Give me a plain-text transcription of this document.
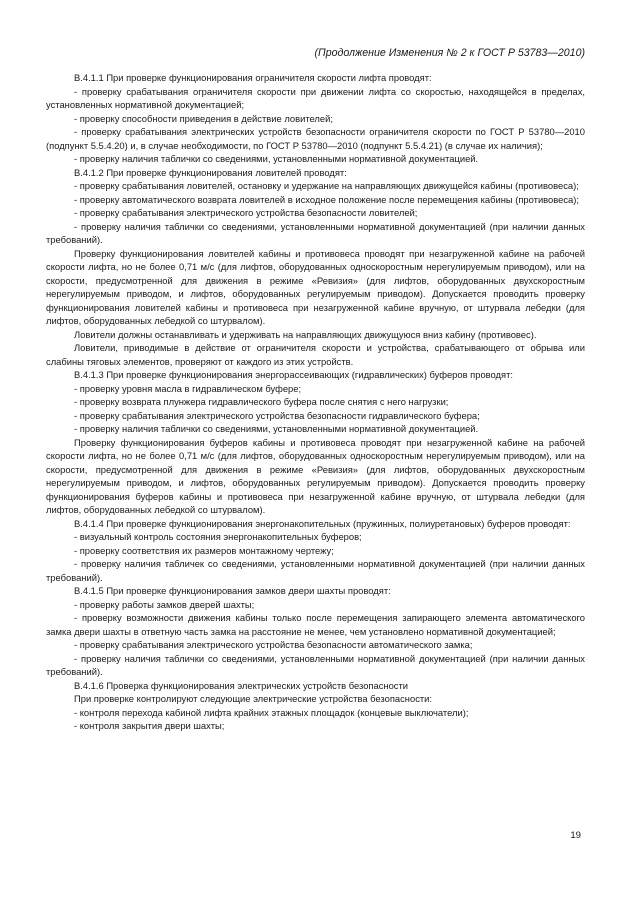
(Продолжение Изменения № 2 к ГОСТ Р 53783—2010)

В.4.1.1 При проверке функционирования ограничителя скорости лифта проводят:

- проверку срабатывания ограничителя скорости при движении лифта со скоростью, находящейся в пределах, установленных нормативной документацией;

- проверку способности приведения в действие ловителей;

- проверку срабатывания электрических устройств безопасности ограничителя скорости по ГОСТ Р 53780—2010 (подпункт 5.5.4.20) и, в случае необходимости, по ГОСТ Р 53780—2010 (подпункт 5.5.4.21) (в случае их наличия);

- проверку наличия таблички со сведениями, установленными нормативной документацией.

В.4.1.2 При проверке функционирования ловителей проводят:

- проверку срабатывания ловителей, остановку и удержание на направляющих движущейся кабины (противовеса);

- проверку автоматического возврата ловителей в исходное положение после перемещения кабины (противовеса);

- проверку срабатывания электрического устройства безопасности ловителей;

- проверку наличия таблички со сведениями, установленными нормативной документацией (при наличии данных требований).

Проверку функционирования ловителей кабины и противовеса проводят при незагруженной кабине на рабочей скорости лифта, но не более 0,71 м/с (для лифтов, оборудованных односкоростным нерегулируемым приводом), или на скорости, предусмотренной для движения в режиме «Ревизия» (для лифтов, оборудованных двухскоростным нерегулируемым приводом, и лифтов, оборудованных регулируемым приводом). Допускается проводить проверку функционирования ловителей кабины и противовеса при незагруженной кабине вручную, от штурвала лебедки (для лифтов, оборудованных лебедкой со штурвалом).

Ловители должны останавливать и удерживать на направляющих движущуюся вниз кабину (противовес).

Ловители, приводимые в действие от ограничителя скорости и устройства, срабатывающего от обрыва или слабины тяговых элементов, проверяют от каждого из этих устройств.

В.4.1.3 При проверке функционирования энергорассеивающих (гидравлических) буферов проводят:

- проверку уровня масла в гидравлическом буфере;

- проверку возврата плунжера гидравлического буфера после снятия с него нагрузки;

- проверку срабатывания электрического устройства безопасности гидравлического буфера;

- проверку наличия таблички со сведениями, установленными нормативной документацией.

Проверку функционирования буферов кабины и противовеса проводят при незагруженной кабине на рабочей скорости лифта, но не более 0,71 м/с (для лифтов, оборудованных односкоростным нерегулируемым приводом), или на скорости, предусмотренной для движения в режиме «Ревизия» (для лифтов, оборудованных двухскоростным нерегулируемым приводом, и лифтов, оборудованных регулируемым приводом). Допускается проводить проверку функционирования буферов кабины и противовеса при незагруженной кабине вручную, от штурвала лебедки (для лифтов, оборудованных лебедкой со штурвалом).

В.4.1.4 При проверке функционирования энергонакопительных (пружинных, полиуретановых) буферов проводят:

- визуальный контроль состояния энергонакопительных буферов;

- проверку соответствия их размеров монтажному чертежу;

- проверку наличия табличек со сведениями, установленными нормативной документацией (при наличии данных требований).

В.4.1.5 При проверке функционирования замков двери шахты проводят:

- проверку работы замков дверей шахты;

- проверку возможности движения кабины только после перемещения запирающего элемента автоматического замка двери шахты в ответную часть замка на расстояние не менее, чем установлено нормативной документацией;

- проверку срабатывания электрического устройства безопасности автоматического замка;

- проверку наличия таблички со сведениями, установленными нормативной документацией (при наличии данных требований).

В.4.1.6 Проверка функционирования электрических устройств безопасности

При проверке контролируют следующие электрические устройства безопасности:

- контроля перехода кабиной лифта крайних этажных площадок (концевые выключатели);

- контроля закрытия двери шахты;

19
